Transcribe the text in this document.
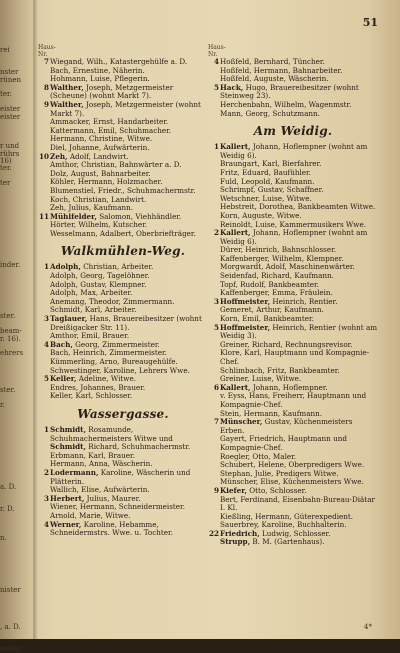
rei
nster
rünen
ter.
eister
eister
r und
rührs
16)
ter.
ter
inder.
ster.
beam-
r. 16).
ehrers
ster.
r.
a. D.
r. D.
n.
nister
, a. D.
valter.
51
Haus-
Nr.
7Wiegand, Wilh., Katastergehülfe a. D.
Bach, Ernestine, Näherin.
Hohmann, Luise, Pflegerin.
8Walther, Joseph, Metzgermeister (Scheune) (wohnt Markt 7).
9Walther, Joseph, Metzgermeister (wohnt Markt 7).
Ammacker, Ernst, Handarbeiter.
Kattermann, Emil, Schuhmacher.
Hermann, Christine, Witwe.
Diel, Johanne, Aufwärterin.
10Zeh, Adolf, Landwirt.
Amthor, Christian, Bahnwärter a. D.
Dolz, August, Bahnarbeiter.
Köhler, Hermann, Holzmacher.
Blumenstiel, Friedr., Schuhmachermstr.
Koch, Christian, Landwirt.
Zeh, Julius, Kaufmann.
11Mühlfelder, Salomon, Viehhändler.
Hörter, Wilhelm, Kutscher.
Wesselmann, Adalbert, Oberbriefträger.
Walkmühlen-Weg.
1Adolph, Christian, Arbeiter.
Adolph, Georg, Tagelöhner.
Adolph, Gustav, Klempner.
Adolph, Max, Arbeiter.
Anemang, Theodor, Zimmermann.
Schmidt, Karl, Arbeiter.
3Taglauer, Hans, Brauereibesitzer (wohnt Dreißigacker Str. 11).
Amthor, Emil, Brauer.
4Bach, Georg, Zimmermeister.
Bach, Heinrich, Zimmermeister.
Kümmerling, Arno, Bureaugehülfe.
Schwestinger, Karoline, Lehrers Wwe.
5Keller, Adeline, Witwe.
Endres, Johannes, Brauer.
Keller, Karl, Schlosser.
Wassergasse.
1Schmidt, Rosamunde, Schuhmachermeisters Witwe und
Schmidt, Richard, Schuhmachermstr.
Erbmann, Karl, Brauer.
Hermann, Anna, Wäscherin.
2Lodermann, Karoline, Wäscherin und Plätterin.
Wallich, Elise, Aufwärterin.
3Herbert, Julius, Maurer.
Wiener, Hermann, Schneidermeister.
Arnold, Marie, Witwe.
4Werner, Karoline, Hebamme, Schneidermstrs. Wwe. u. Tochter.
Haus-
Nr.
4Hoßfeld, Bernhard, Tüncher.
Hoßfeld, Hermann, Bahnarbeiter.
Hoßfeld, Auguste, Wäscherin.
5Hack, Hugo, Brauereibesitzer (wohnt Steinweg 23).
Herchenbahn, Wilhelm, Wagenmstr.
Mann, Georg, Schutzmann.
Am Weidig.
1Kallert, Johann, Hoflempner (wohnt am Weidig 6).
Braungart, Karl, Bierfahrer.
Fritz, Eduard, Baufühler.
Fuld, Leopold, Kaufmann.
Schrimpf, Gustav, Schaffner.
Wetschner, Luise, Witwe.
Hebstreit, Dorothea, Bankbeamten Witwe.
Korn, Auguste, Witwe.
Reinoldt, Luise, Kammermusikers Wwe.
2Kallert, Johann, Hoflempner (wohnt am Weidig 6).
Dürer, Heinrich, Bahnschlosser.
Kaffenberger, Wilhelm, Klempner.
Morgwardt, Adolf, Maschinenwärter.
Seidenfad, Richard, Kaufmann.
Topf, Rudolf, Bankbeamter.
Kaffenberger, Emma, Fräulein.
3Hoffmeister, Heinrich, Rentier.
Gemeret, Arthur, Kaufmann.
Korn, Emil, Bankbeamter.
5Hoffmeister, Heinrich, Rentier (wohnt am Weidig 3).
Greiner, Richard, Rechnungsrevisor.
Klore, Karl, Hauptmann und Kompagnie-Chef.
Schlimbach, Fritz, Bankbeamter.
Greiner, Luise, Witwe.
6Kallert, Johann, Hoflempner.
v. Eyss, Hans, Freiherr, Hauptmann und Kompagnie-Chef.
Stein, Hermann, Kaufmann.
7Münscher, Gustav, Küchenmeisters Erben.
Gayert, Friedrich, Hauptmann und Kompagnie-Chef.
Roegler, Otto, Maler.
Schubert, Helene, Oberpredigers Wwe.
Stephan, Julie, Predigers Witwe.
Münscher, Elise, Küchenmeisters Wwe.
9Kiefer, Otto, Schlosser.
Bert, Ferdinand, Eisenbahn-Bureau-Diätar I. Kl.
Kießling, Hermann, Güterexpedient.
Sauerbrey, Karoline, Buchhalterin.
22Friedrich, Ludwig, Schlosser.
Strupp, B. M. (Gartenhaus).
4*
